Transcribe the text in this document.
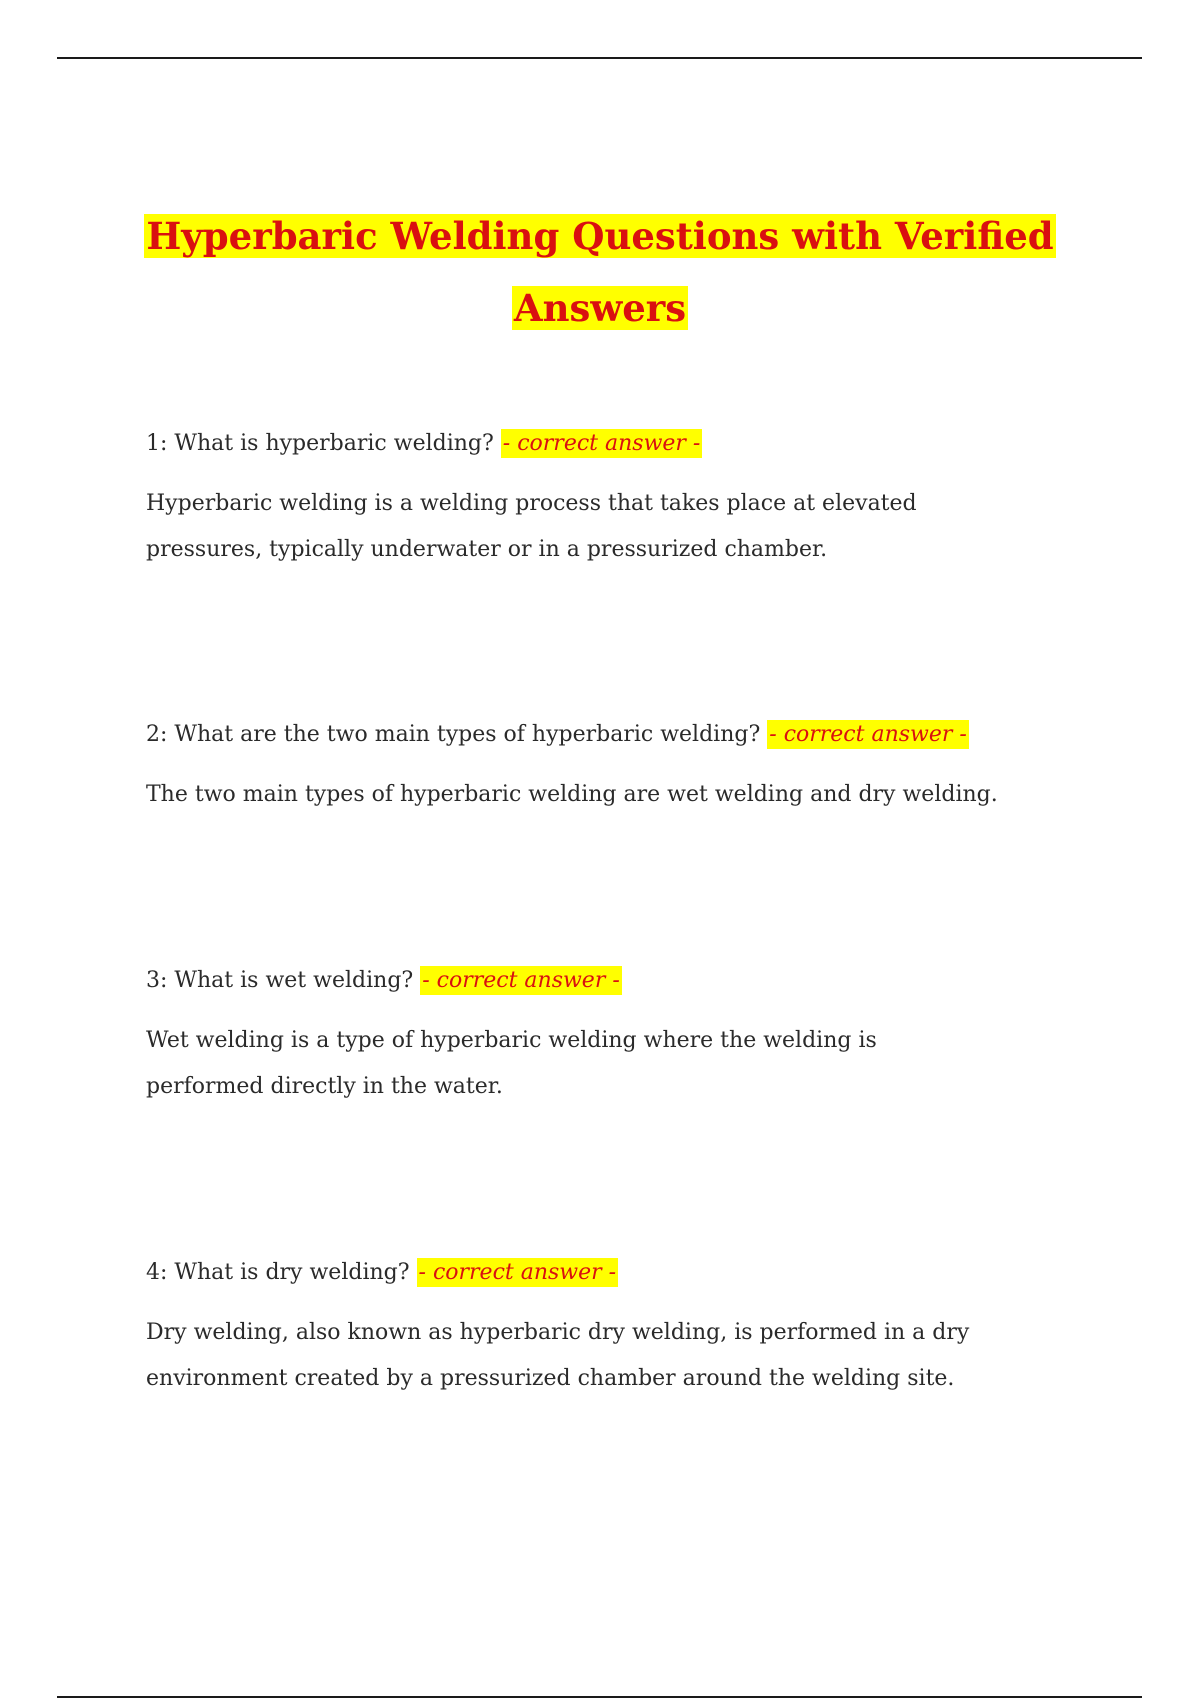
Hyperbaric Welding Questions with Verified
Answers

1: What is hyperbaric welding? - correct answer -

Hyperbaric welding is a welding process that takes place at elevated pressures, typically underwater or in a pressurized chamber.

2: What are the two main types of hyperbaric welding? - correct answer -

The two main types of hyperbaric welding are wet welding and dry welding.

3: What is wet welding? - correct answer -

Wet welding is a type of hyperbaric welding where the welding is performed directly in the water.

4: What is dry welding? - correct answer -

Dry welding, also known as hyperbaric dry welding, is performed in a dry environment created by a pressurized chamber around the welding site.
